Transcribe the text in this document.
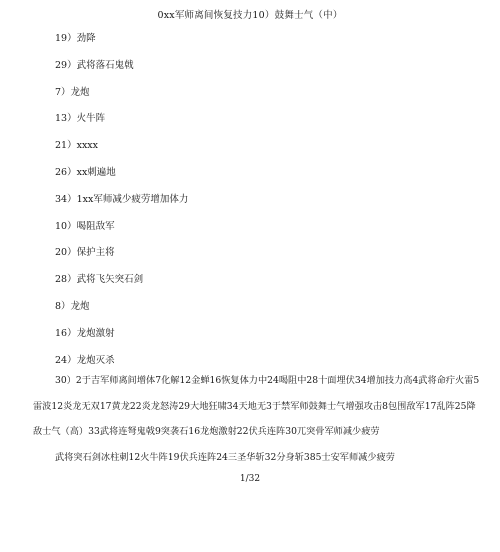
0xx军师离间恢复技力10）鼓舞士气（中）
19）劲降
29）武将落石鬼戟
7）龙炮
13）火牛阵
21）xxxx
26）xx刺遍地
34）1xx军师减少疲劳增加体力
10）喝阻敌军
20）保护主将
28）武将飞矢突石剑
8）龙炮
16）龙炮激射
24）龙炮灭杀
30）2于吉军师离间增体7化解12金蝉16恢复体力中24喝阻中28十面埋伏34增加技力高4武将命疔火雷5
雷波12炎龙无双17黄龙22炎龙怒涛29大地狂啸34天地无3于禁军师鼓舞士气增强攻击8包围敌军17乱阵25降
敌士气（高）33武将连弩鬼戟9突袭石16龙炮激射22伏兵连阵30兀突骨军师减少疲劳
武将突石剑冰柱刺12火牛阵19伏兵连阵24三圣华斩32分身斩385士安军师减少疲劳
1/32
